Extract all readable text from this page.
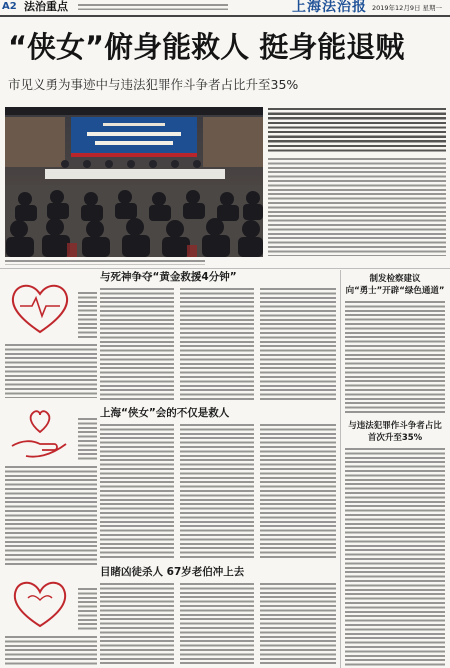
A2 法治重点	上海法治报 2019年12月9日 星期一
“侠女”俯身能救人 挺身能退贼
市见义勇为事迹中与违法犯罪作斗争者占比升至35%
与死神争夺“黄金救援4分钟”
上海“侠女”会的不仅是救人
目睹凶徒杀人 67岁老伯冲上去
制发检察建议
向“勇士”开辟“绿色通道”
与违法犯罪作斗争者占比
首次升至35%
